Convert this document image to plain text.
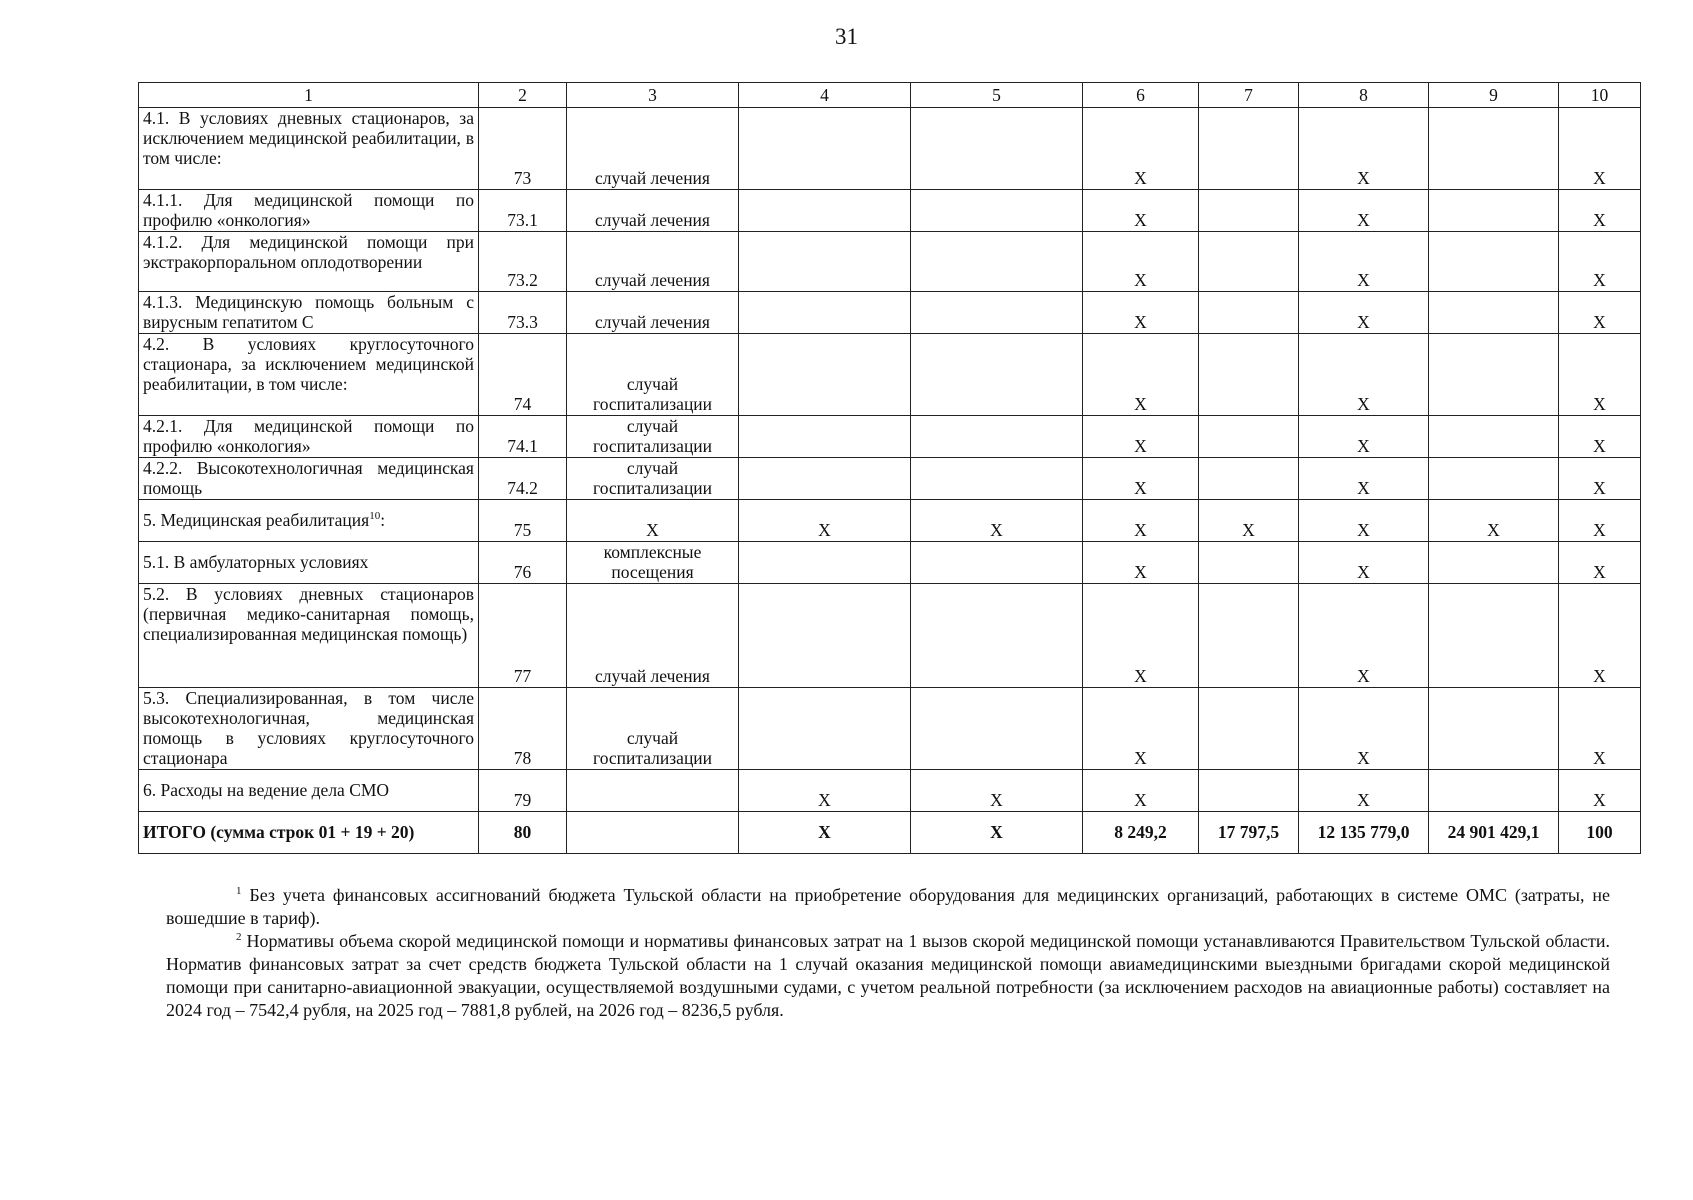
31
1	2	3	4	5	6	7	8	9	10
4.1. В условиях дневных стационаров, за исключением медицинской реабилитации, в том числе:	73	случай лечения			X		X		X
4.1.1. Для медицинской помощи по профилю «онкология»	73.1	случай лечения			X		X		X
4.1.2. Для медицинской помощи при экстракорпоральном оплодотворении	73.2	случай лечения			X		X		X
4.1.3. Медицинскую помощь больным с вирусным гепатитом С	73.3	случай лечения			X		X		X
4.2. В условиях круглосуточного стационара, за исключением медицинской реабилитации, в том числе:	74	случай госпитализации			X		X		X
4.2.1. Для медицинской помощи по профилю «онкология»	74.1	случай госпитализации			X		X		X
4.2.2. Высокотехнологичная медицинская помощь	74.2	случай госпитализации			X		X		X
5. Медицинская реабилитация$^{10}$:	75	X	X	X	X	X	X	X	X
5.1. В амбулаторных условиях	76	комплексные посещения			X		X		X
5.2. В условиях дневных стационаров (первичная медико-санитарная помощь, специализированная медицинская помощь)	77	случай лечения			X		X		X
5.3. Специализированная, в том числе высокотехнологичная, медицинская помощь в условиях круглосуточного стационара	78	случай госпитализации			X		X		X
6. Расходы на ведение дела СМО	79		X	X	X		X		X
ИТОГО (сумма строк 01 + 19 + 20)	80		X	X	8 249,2	17 797,5	12 135 779,0	24 901 429,1	100

$^1$ Без учета финансовых ассигнований бюджета Тульской области на приобретение оборудования для медицинских организаций, работающих в системе ОМС (затраты, не вошедшие в тариф).

$^2$ Нормативы объема скорой медицинской помощи и нормативы финансовых затрат на 1 вызов скорой медицинской помощи устанавливаются Правительством Тульской области. Норматив финансовых затрат за счет средств бюджета Тульской области на 1 случай оказания медицинской помощи авиамедицинскими выездными бригадами скорой медицинской помощи при санитарно-авиационной эвакуации, осуществляемой воздушными судами, с учетом реальной потребности (за исключением расходов на авиационные работы) составляет на 2024 год – 7542,4 рубля, на 2025 год – 7881,8 рублей, на 2026 год – 8236,5 рубля.
